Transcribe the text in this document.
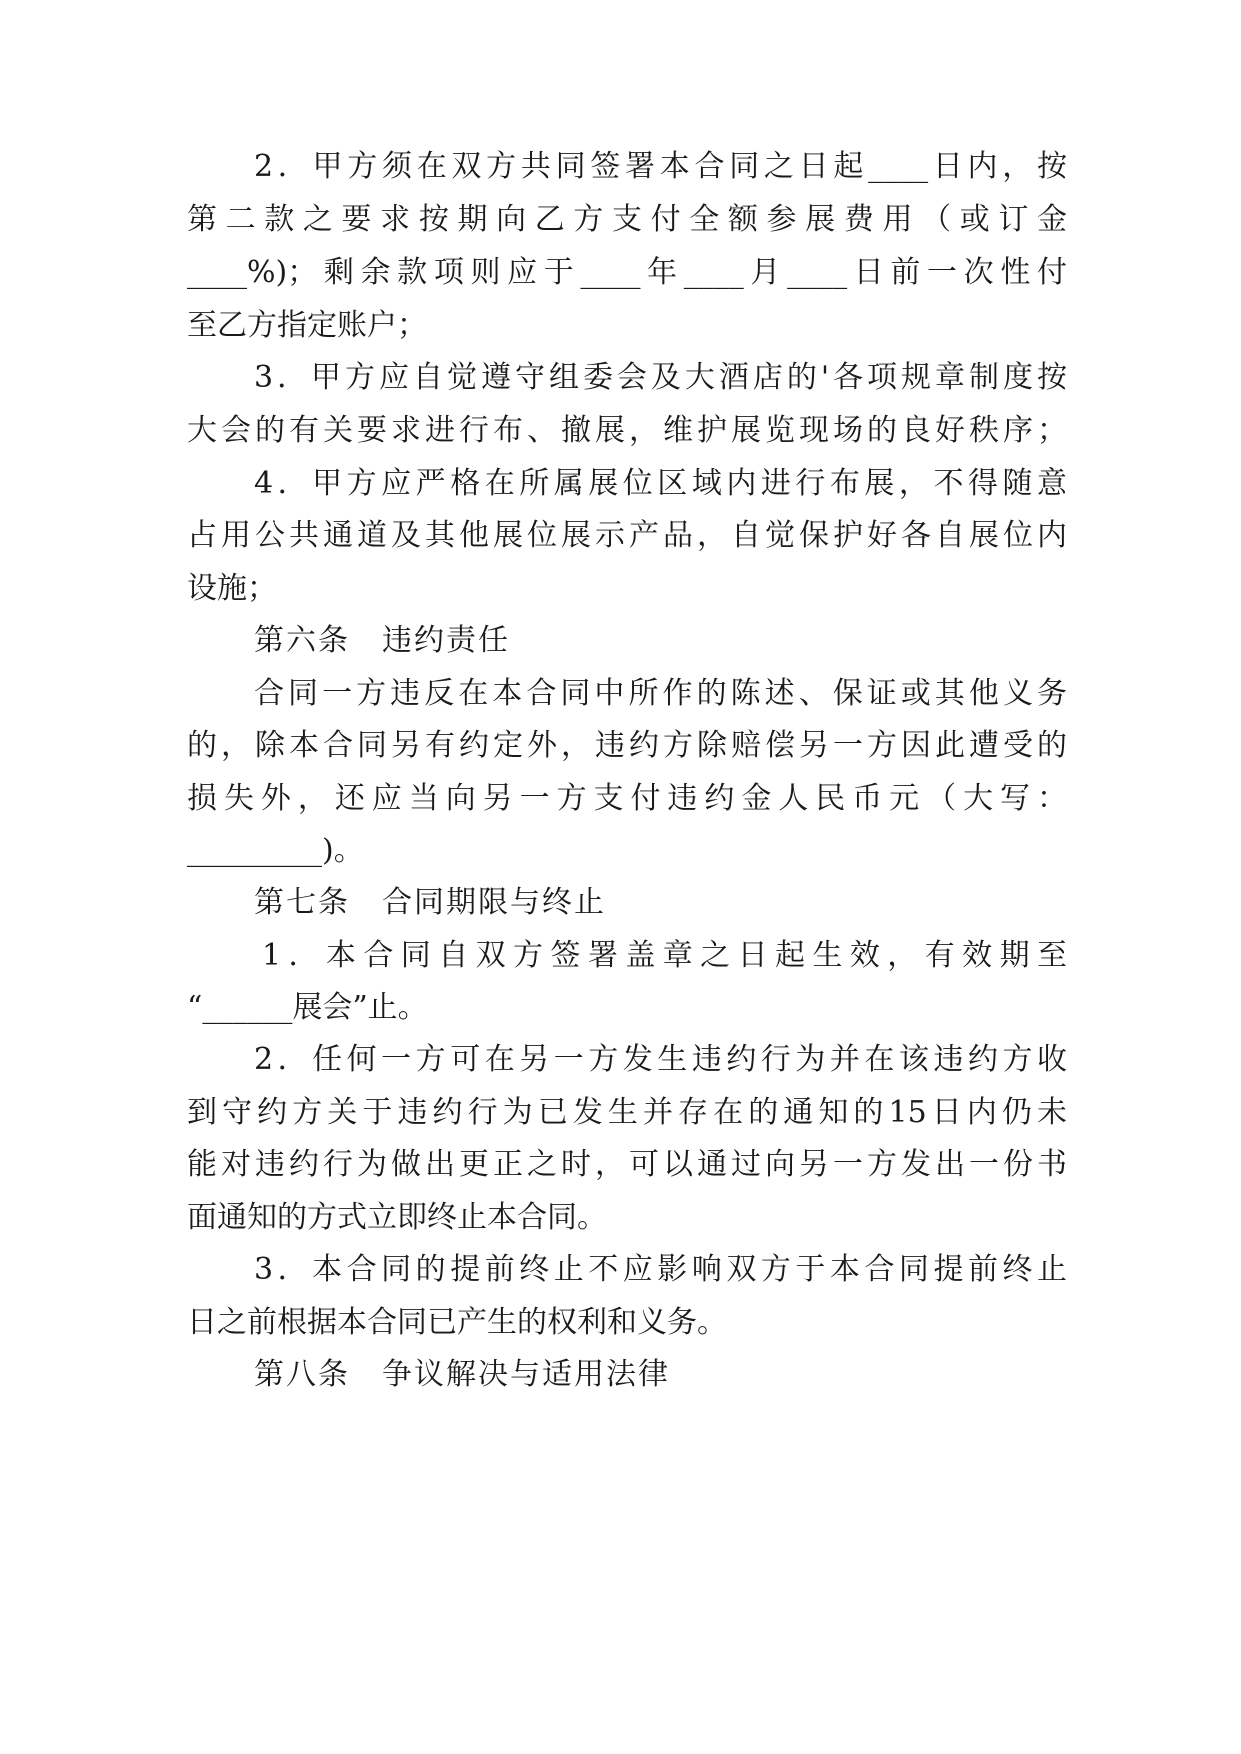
2．甲方须在双方共同签署本合同之日起____日内，按
第二款之要求按期向乙方支付全额参展费用（或订金
____%)；剩余款项则应于____年____月____日前一次性付
至乙方指定账户；
3．甲方应自觉遵守组委会及大酒店的'各项规章制度按
大会的有关要求进行布、撤展，维护展览现场的良好秩序；
4．甲方应严格在所属展位区域内进行布展，不得随意
占用公共通道及其他展位展示产品，自觉保护好各自展位内
设施；
第六条　违约责任
合同一方违反在本合同中所作的陈述、保证或其他义务
的，除本合同另有约定外，违约方除赔偿另一方因此遭受的
损失外，还应当向另一方支付违约金人民币元（大写：
_________)。
第七条　合同期限与终止
1．本合同自双方签署盖章之日起生效，有效期至
“______展会”止。
2．任何一方可在另一方发生违约行为并在该违约方收
到守约方关于违约行为已发生并存在的通知的15日内仍未
能对违约行为做出更正之时，可以通过向另一方发出一份书
面通知的方式立即终止本合同。
3．本合同的提前终止不应影响双方于本合同提前终止
日之前根据本合同已产生的权利和义务。
第八条　争议解决与适用法律
